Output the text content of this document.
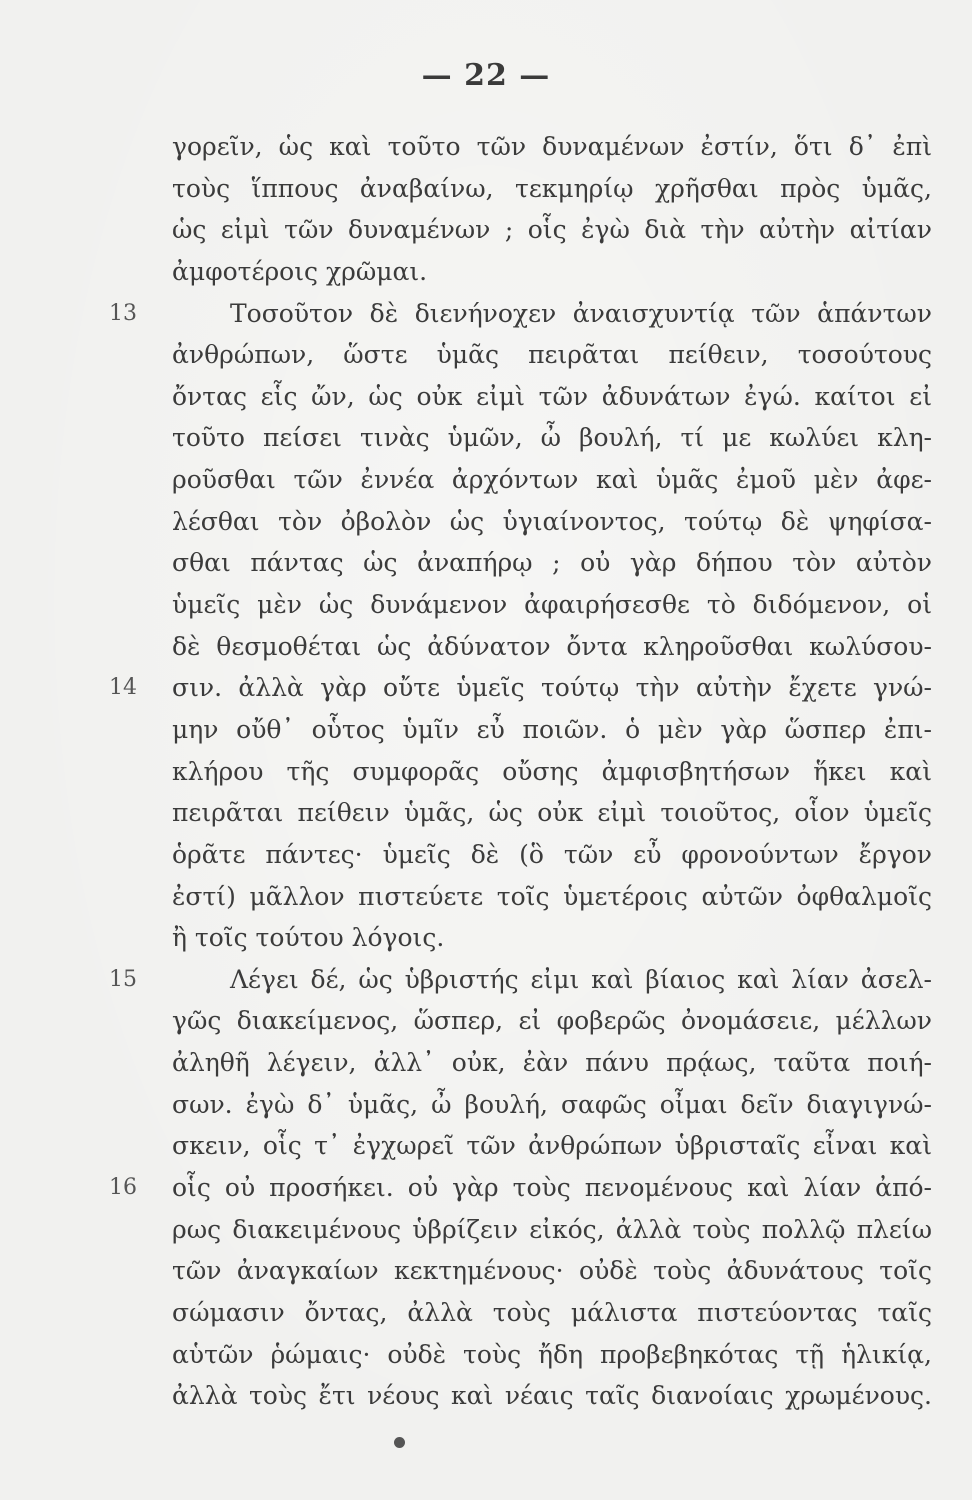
— 22 —
γορεῖν, ὡς καὶ τοῦτο τῶν δυναμένων ἐστίν, ὅτι δ᾽ ἐπὶ
τοὺς ἵππους ἀναβαίνω, τεκμηρίῳ χρῆσθαι πρὸς ὑμᾶς,
ὡς εἰμὶ τῶν δυναμένων ; οἷς ἐγὼ διὰ τὴν αὐτὴν αἰτίαν
ἀμφοτέροις χρῶμαι.
13	Τοσοῦτον δὲ διενήνοχεν ἀναισχυντίᾳ τῶν ἁπάντων
ἀνθρώπων, ὥστε ὑμᾶς πειρᾶται πείθειν, τοσούτους
ὄντας εἷς ὤν, ὡς οὐκ εἰμὶ τῶν ἀδυνάτων ἐγώ. καίτοι εἰ
τοῦτο πείσει τινὰς ὑμῶν, ὦ βουλή, τί με κωλύει κλη-
ροῦσθαι τῶν ἐννέα ἀρχόντων καὶ ὑμᾶς ἐμοῦ μὲν ἀφε-
λέσθαι τὸν ὀβολὸν ὡς ὑγιαίνοντος, τούτῳ δὲ ψηφίσα-
σθαι πάντας ὡς ἀναπήρῳ ; οὐ γὰρ δήπου τὸν αὐτὸν
ὑμεῖς μὲν ὡς δυνάμενον ἀφαιρήσεσθε τὸ διδόμενον, οἱ
δὲ θεσμοθέται ὡς ἀδύνατον ὄντα κληροῦσθαι κωλύσου-
14 σιν. ἀλλὰ γὰρ οὔτε ὑμεῖς τούτῳ τὴν αὐτὴν ἔχετε γνώ-
μην οὔθ᾽ οὗτος ὑμῖν εὖ ποιῶν. ὁ μὲν γὰρ ὥσπερ ἐπι-
κλήρου τῆς συμφορᾶς οὔσης ἀμφισβητήσων ἥκει καὶ
πειρᾶται πείθειν ὑμᾶς, ὡς οὐκ εἰμὶ τοιοῦτος, οἷον ὑμεῖς
ὁρᾶτε πάντες· ὑμεῖς δὲ (ὃ τῶν εὖ φρονούντων ἔργον
ἐστί) μᾶλλον πιστεύετε τοῖς ὑμετέροις αὐτῶν ὀφθαλμοῖς
ἢ τοῖς τούτου λόγοις.
15	Λέγει δέ, ὡς ὑβριστής εἰμι καὶ βίαιος καὶ λίαν ἀσελ-
γῶς διακείμενος, ὥσπερ, εἰ φοβερῶς ὀνομάσειε, μέλλων
ἀληθῆ λέγειν, ἀλλ᾽ οὐκ, ἐὰν πάνυ πρᾴως, ταῦτα ποιή-
σων. ἐγὼ δ᾽ ὑμᾶς, ὦ βουλή, σαφῶς οἶμαι δεῖν διαγιγνώ-
σκειν, οἷς τ᾽ ἐγχωρεῖ τῶν ἀνθρώπων ὑβρισταῖς εἶναι καὶ
16 οἷς οὐ προσήκει. οὐ γὰρ τοὺς πενομένους καὶ λίαν ἀπό-
ρως διακειμένους ὑβρίζειν εἰκός, ἀλλὰ τοὺς πολλῷ πλείω
τῶν ἀναγκαίων κεκτημένους· οὐδὲ τοὺς ἀδυνάτους τοῖς
σώμασιν ὄντας, ἀλλὰ τοὺς μάλιστα πιστεύοντας ταῖς
αὑτῶν ῥώμαις· οὐδὲ τοὺς ἤδη προβεβηκότας τῇ ἡλικίᾳ,
ἀλλὰ τοὺς ἔτι νέους καὶ νέαις ταῖς διανοίαις χρωμένους.
